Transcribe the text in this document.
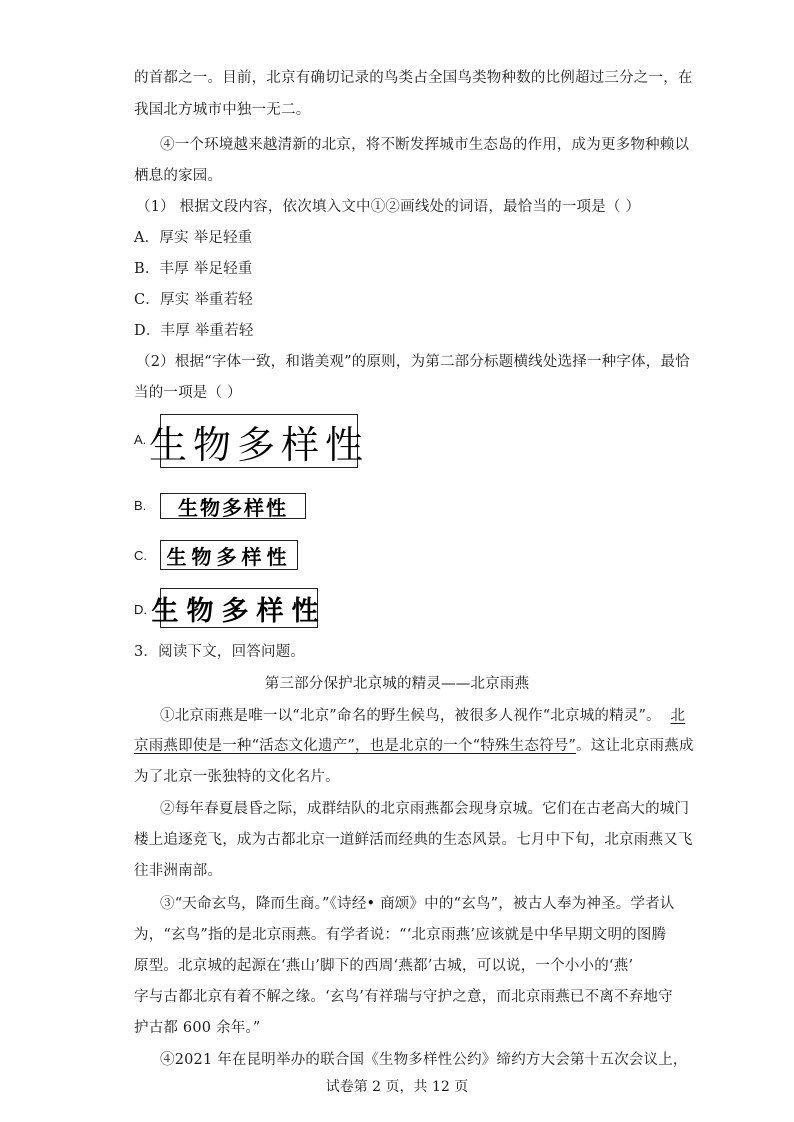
的首都之一。目前，北京有确切记录的鸟类占全国鸟类物种数的比例超过三分之一，在
我国北方城市中独一无二。
④一个环境越来越清新的北京，将不断发挥城市生态岛的作用，成为更多物种赖以
栖息的家园。
（1） 根据文段内容，依次填入文中①②画线处的词语，最恰当的一项是（ ）
A．厚实 举足轻重
B．丰厚 举足轻重
C．厚实 举重若轻
D．丰厚 举重若轻
（2）根据“字体一致，和谐美观”的原则，为第二部分标题横线处选择一种字体，最恰
当的一项是（ ）
A. 生物多样性
B.	生物多样性
C. 生物多样性
D. 生物多样性
3．阅读下文，回答问题。
第三部分保护北京城的精灵——北京雨燕
①北京雨燕是唯一以“北京”命名的野生候鸟，被很多人视作“北京城的精灵”。 北
京雨燕即使是一种“活态文化遗产”，也是北京的一个“特殊生态符号”。这让北京雨燕成
为了北京一张独特的文化名片。
②每年春夏晨昏之际，成群结队的北京雨燕都会现身京城。它们在古老高大的城门
楼上追逐竞飞，成为古都北京一道鲜活而经典的生态风景。七月中下旬，北京雨燕又飞
往非洲南部。
③“天命玄鸟，降而生商。”《诗经• 商颂》中的“玄鸟”，被古人奉为神圣。学者认
为，“玄鸟”指的是北京雨燕。有学者说：“‘北京雨燕’应该就是中华早期文明的图腾
原型。北京城的起源在‘燕山’脚下的西周‘燕都’古城，可以说，一个小小的‘燕’
字与古都北京有着不解之缘。‘玄鸟’有祥瑞与守护之意，而北京雨燕已不离不弃地守
护古都 600 余年。”
④2021 年在昆明举办的联合国《生物多样性公约》缔约方大会第十五次会议上，
试卷第 2 页，共 12 页
